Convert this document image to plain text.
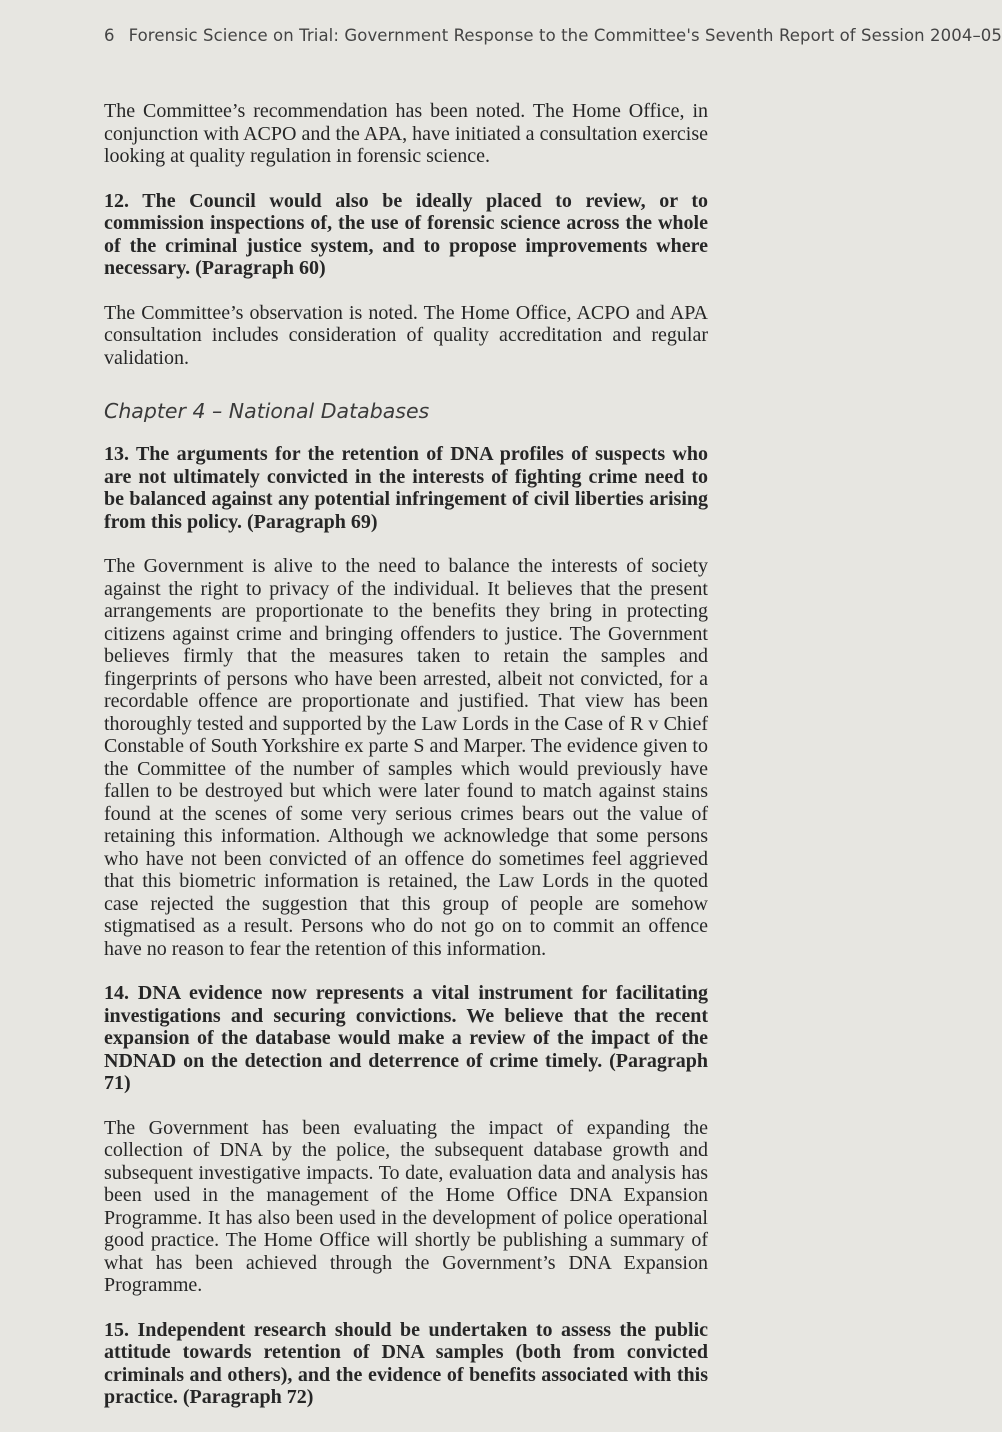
6 Forensic Science on Trial: Government Response to the Committee's Seventh Report of Session 2004–05

The Committee’s recommendation has been noted. The Home Office, in conjunction with ACPO and the APA, have initiated a consultation exercise looking at quality regulation in forensic science.

12. The Council would also be ideally placed to review, or to commission inspections of, the use of forensic science across the whole of the criminal justice system, and to propose improvements where necessary. (Paragraph 60)

The Committee’s observation is noted. The Home Office, ACPO and APA consultation includes consideration of quality accreditation and regular validation.

Chapter 4 – National Databases

13. The arguments for the retention of DNA profiles of suspects who are not ultimately convicted in the interests of fighting crime need to be balanced against any potential infringement of civil liberties arising from this policy. (Paragraph 69)

The Government is alive to the need to balance the interests of society against the right to privacy of the individual. It believes that the present arrangements are proportionate to the benefits they bring in protecting citizens against crime and bringing offenders to justice. The Government believes firmly that the measures taken to retain the samples and fingerprints of persons who have been arrested, albeit not convicted, for a recordable offence are proportionate and justified. That view has been thoroughly tested and supported by the Law Lords in the Case of R v Chief Constable of South Yorkshire ex parte S and Marper. The evidence given to the Committee of the number of samples which would previously have fallen to be destroyed but which were later found to match against stains found at the scenes of some very serious crimes bears out the value of retaining this information. Although we acknowledge that some persons who have not been convicted of an offence do sometimes feel aggrieved that this biometric information is retained, the Law Lords in the quoted case rejected the suggestion that this group of people are somehow stigmatised as a result. Persons who do not go on to commit an offence have no reason to fear the retention of this information.

14. DNA evidence now represents a vital instrument for facilitating investigations and securing convictions. We believe that the recent expansion of the database would make a review of the impact of the NDNAD on the detection and deterrence of crime timely. (Paragraph 71)

The Government has been evaluating the impact of expanding the collection of DNA by the police, the subsequent database growth and subsequent investigative impacts. To date, evaluation data and analysis has been used in the management of the Home Office DNA Expansion Programme. It has also been used in the development of police operational good practice. The Home Office will shortly be publishing a summary of what has been achieved through the Government’s DNA Expansion Programme.

15. Independent research should be undertaken to assess the public attitude towards retention of DNA samples (both from convicted criminals and others), and the evidence of benefits associated with this practice. (Paragraph 72)
